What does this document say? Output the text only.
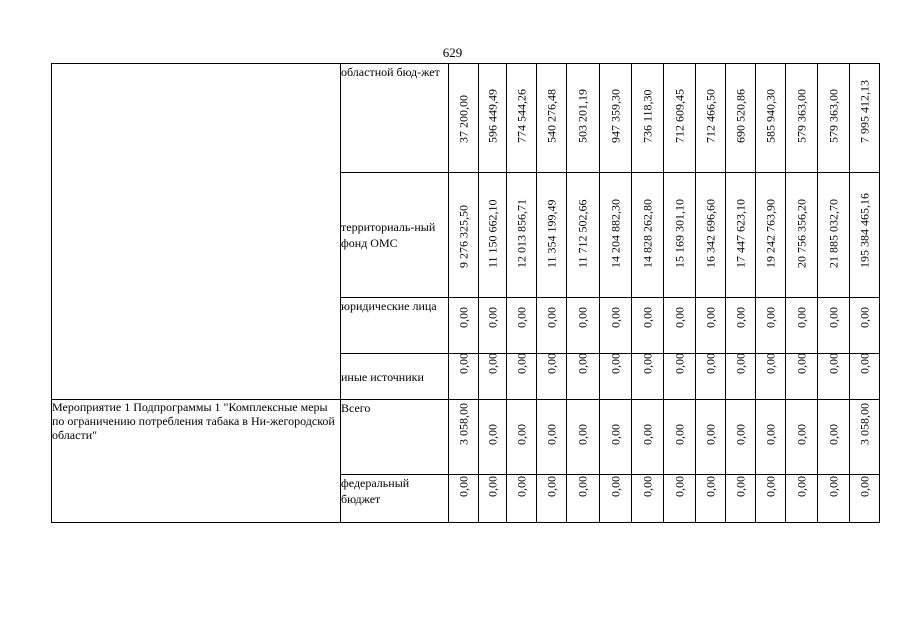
629
	областной бюд-жет	37 200,00	596 449,49	774 544,26	540 276,48	503 201,19	947 359,30	736 118,30	712 609,45	712 466,50	690 520,86	585 940,30	579 363,00	579 363,00	7 995 412,13

	территориаль-ный фонд ОМС	9 276 325,50	11 150 662,10	12 013 856,71	11 354 199,49	11 712 502,66	14 204 882,30	14 828 262,80	15 169 301,10	16 342 696,60	17 447 623,10	19 242 763,90	20 756 356,20	21 885 032,70	195 384 465,16

	юридические лица	0,00	0,00	0,00	0,00	0,00	0,00	0,00	0,00	0,00	0,00	0,00	0,00	0,00	0,00

	иные источники	0,00	0,00	0,00	0,00	0,00	0,00	0,00	0,00	0,00	0,00	0,00	0,00	0,00	0,00

Мероприятие 1 Подпрограммы 1 "Комплексные меры по ограничению потребления табака в Ни-жегородской области"	Всего	3 058,00	0,00	0,00	0,00	0,00	0,00	0,00	0,00	0,00	0,00	0,00	0,00	0,00	3 058,00

	федеральный бюджет	0,00	0,00	0,00	0,00	0,00	0,00	0,00	0,00	0,00	0,00	0,00	0,00	0,00	0,00
